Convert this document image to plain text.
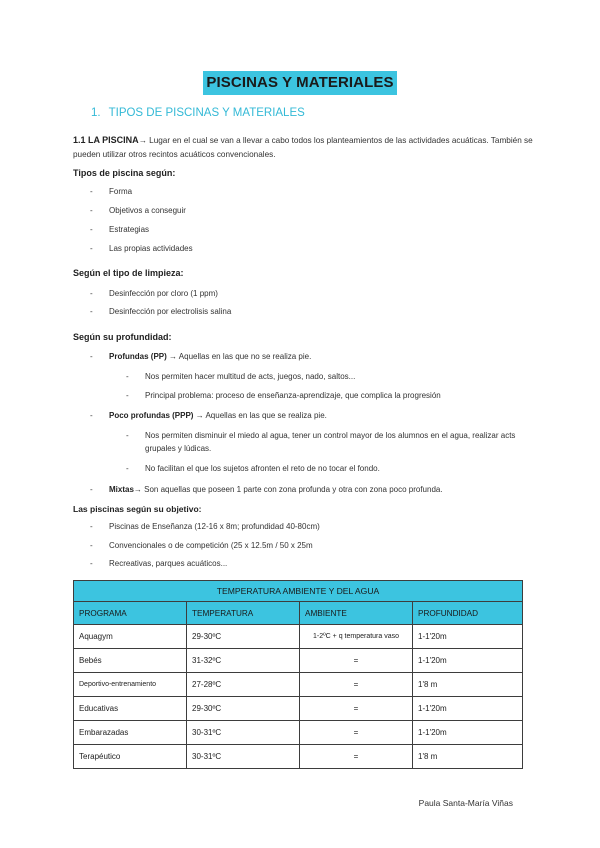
PISCINAS Y MATERIALES
1. TIPOS DE PISCINAS Y MATERIALES
1.1 LA PISCINA→ Lugar en el cual se van a llevar a cabo todos los planteamientos de las actividades acuáticas. También se pueden utilizar otros recintos acuáticos convencionales.
Tipos de piscina según:
- Forma
- Objetivos a conseguir
- Estrategias
- Las propias actividades
Según el tipo de limpieza:
- Desinfección por cloro (1 ppm)
- Desinfección por electrolisis salina
Según su profundidad:
- Profundas (PP) → Aquellas en las que no se realiza pie.
- Nos permiten hacer multitud de acts, juegos, nado, saltos...
- Principal problema: proceso de enseñanza-aprendizaje, que complica la progresión
- Poco profundas (PPP) → Aquellas en las que se realiza pie.
- Nos permiten disminuir el miedo al agua, tener un control mayor de los alumnos en el agua, realizar acts grupales y lúdicas.
- No facilitan el que los sujetos afronten el reto de no tocar el fondo.
- Mixtas→ Son aquellas que poseen 1 parte con zona profunda y otra con zona poco profunda.
Las piscinas según su objetivo:
- Piscinas de Enseñanza (12-16 x 8m; profundidad 40-80cm)
- Convencionales o de competición (25 x 12.5m / 50 x 25m
- Recreativas, parques acuáticos...
TEMPERATURA AMBIENTE Y DEL AGUA			
PROGRAMA	TEMPERATURA	AMBIENTE	PROFUNDIDAD
Aquagym	29-30ºC	1-2ºC + q temperatura vaso	1-1'20m
Bebés	31-32ºC	=	1-1'20m
Deportivo-entrenamiento	27-28ºC	=	1'8 m
Educativas	29-30ºC	=	1-1'20m
Embarazadas	30-31ºC	=	1-1'20m
Terapéutico	30-31ºC	=	1'8 m
Paula Santa-María Viñas
